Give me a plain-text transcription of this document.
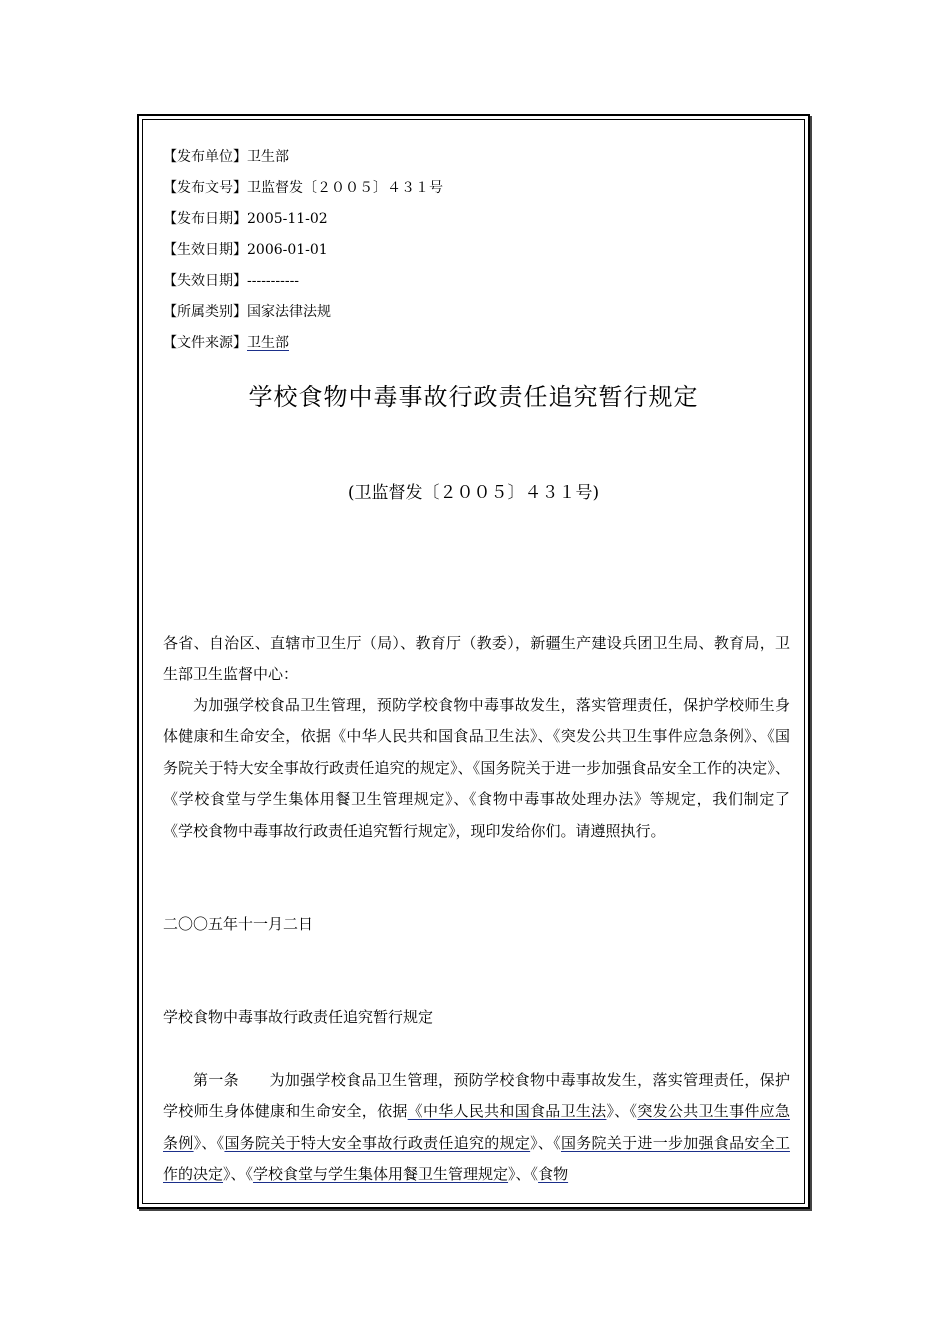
【发布单位】卫生部
【发布文号】卫监督发〔２００５〕４３１号
【发布日期】2005-11-02
【生效日期】2006-01-01
【失效日期】-----------
【所属类别】国家法律法规
【文件来源】卫生部
学校食物中毒事故行政责任追究暂行规定
(卫监督发〔２００５〕４３１号)

各省、自治区、直辖市卫生厅（局）、教育厅（教委），新疆生产建设兵团卫生局、教育局，卫生部卫生监督中心：

为加强学校食品卫生管理，预防学校食物中毒事故发生，落实管理责任，保护学校师生身体健康和生命安全，依据《中华人民共和国食品卫生法》、《突发公共卫生事件应急条例》、《国务院关于特大安全事故行政责任追究的规定》、《国务院关于进一步加强食品安全工作的决定》、《学校食堂与学生集体用餐卫生管理规定》、《食物中毒事故处理办法》等规定，我们制定了《学校食物中毒事故行政责任追究暂行规定》，现印发给你们。请遵照执行。

二〇〇五年十一月二日
学校食物中毒事故行政责任追究暂行规定

第一条　　 为加强学校食品卫生管理，预防学校食物中毒事故发生，落实管理责任，保护学校师生身体健康和生命安全，依据《中华人民共和国食品卫生法》、《突发公共卫生事件应急条例》、《国务院关于特大安全事故行政责任追究的规定》、《国务院关于进一步加强食品安全工作的决定》、《学校食堂与学生集体用餐卫生管理规定》、《食物
